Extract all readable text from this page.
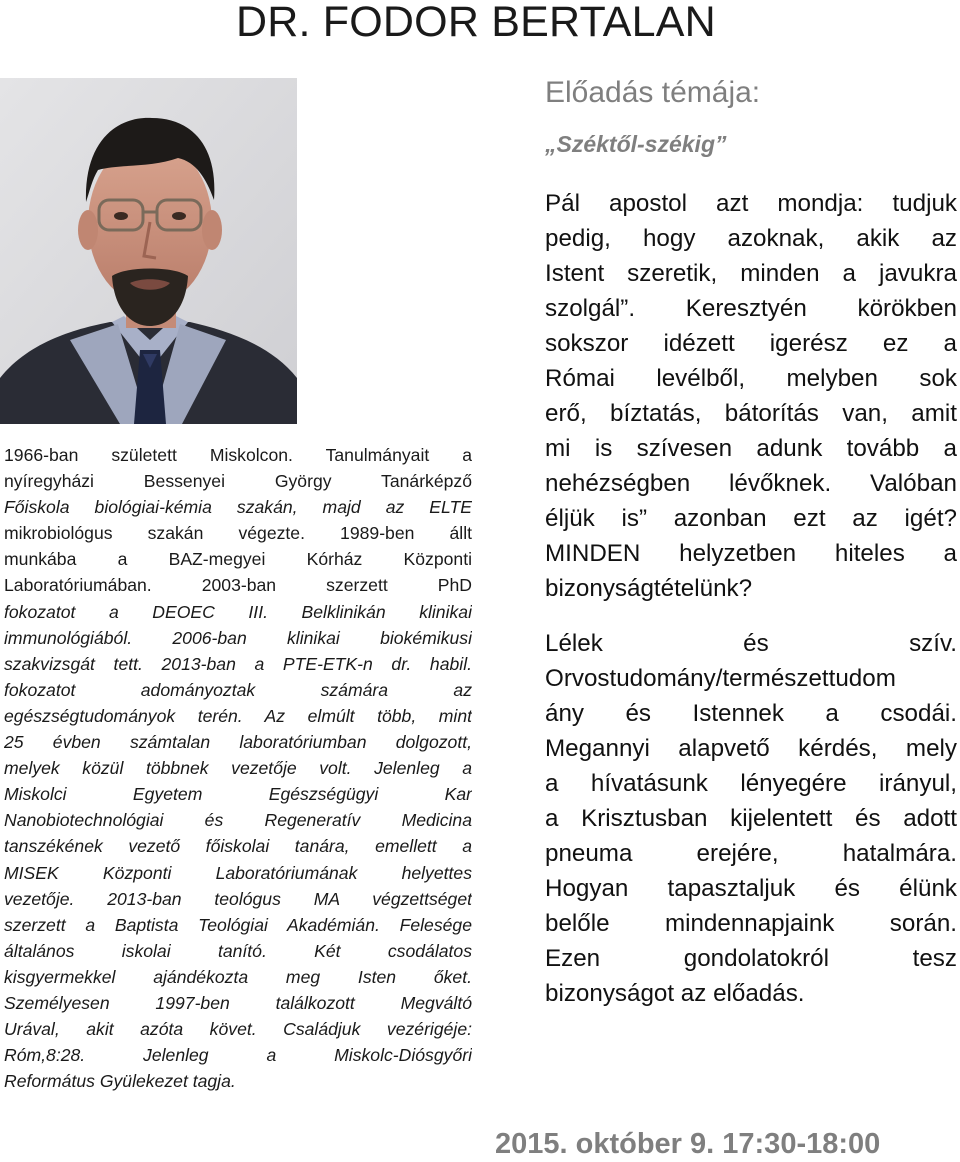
DR. FODOR BERTALAN
1966-ban született Miskolcon. Tanulmányait a
nyíregyházi Bessenyei György Tanárképző
Főiskola biológiai-kémia szakán, majd az ELTE
mikrobiológus szakán végezte. 1989-ben állt
munkába a BAZ-megyei Kórház Központi
Laboratóriumában. 2003-ban szerzett PhD
fokozatot a DEOEC III. Belklinikán klinikai
immunológiából. 2006-ban klinikai biokémikusi
szakvizsgát tett. 2013-ban a PTE-ETK-n dr. habil.
fokozatot adományoztak számára az
egészségtudományok terén. Az elmúlt több, mint
25 évben számtalan laboratóriumban dolgozott,
melyek közül többnek vezetője volt. Jelenleg a
Miskolci Egyetem Egészségügyi Kar
Nanobiotechnológiai és Regeneratív Medicina
tanszékének vezető főiskolai tanára, emellett a
MISEK Központi Laboratóriumának helyettes
vezetője. 2013-ban teológus MA végzettséget
szerzett a Baptista Teológiai Akadémián. Felesége
általános iskolai tanító. Két csodálatos
kisgyermekkel ajándékozta meg Isten őket.
Személyesen 1997-ben találkozott Megváltó
Urával, akit azóta követ. Családjuk vezérigéje:
Róm,8:28. Jelenleg a Miskolc-Diósgyőri
Református Gyülekezet tagja.
Előadás témája:
„Széktől-székig”
Pál apostol azt mondja: tudjuk
pedig, hogy azoknak, akik az
Istent szeretik, minden a javukra
szolgál”. Keresztyén körökben
sokszor idézett igerész ez a
Római levélből, melyben sok
erő, bíztatás, bátorítás van, amit
mi is szívesen adunk tovább a
nehézségben lévőknek. Valóban
éljük is” azonban ezt az igét?
MINDEN helyzetben hiteles a
bizonyságtételünk?
Lélek és szív.
Orvostudomány/természettudom
ány és Istennek a csodái.
Megannyi alapvető kérdés, mely
a hívatásunk lényegére irányul,
a Krisztusban kijelentett és adott
pneuma erejére, hatalmára.
Hogyan tapasztaljuk és élünk
belőle mindennapjaink során.
Ezen gondolatokról tesz
bizonyságot az előadás.

2015. október 9. 17:30-18:00
